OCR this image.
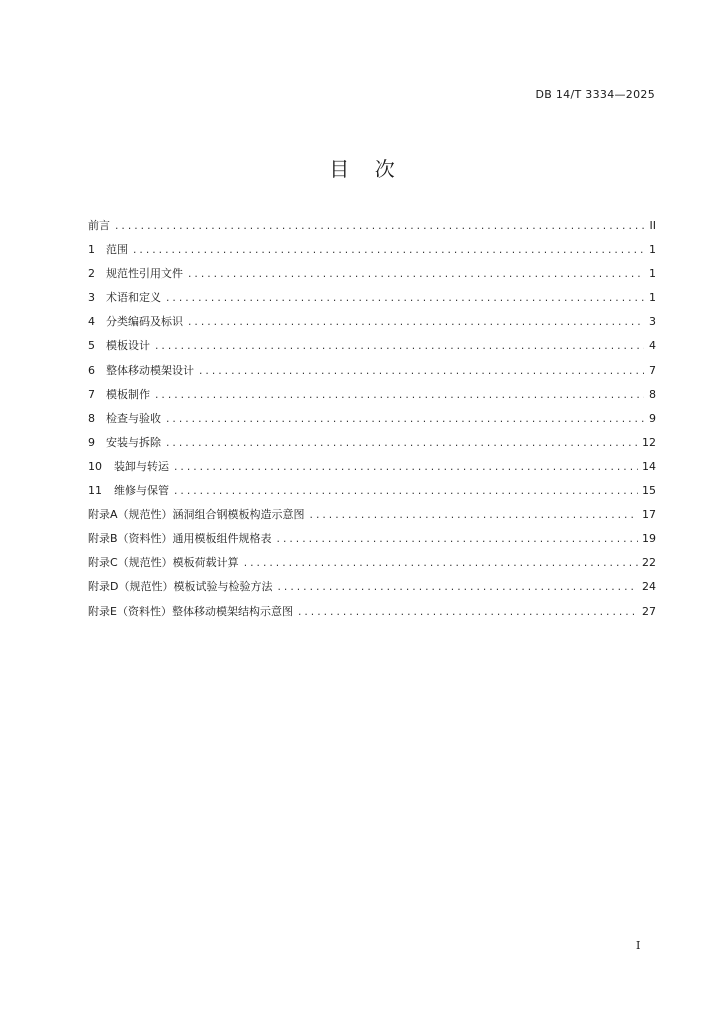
DB 14/T 3334—2025
目    次
前言 .....	II
1	范围 .....	1
2	规范性引用文件 .....	1
3	术语和定义 .....	1
4	分类编码及标识 .....	3
5	模板设计 .....	4
6	整体移动模架设计 .....	7
7	模板制作 .....	8
8	检查与验收 .....	9
9	安装与拆除 .....	12
10	装卸与转运 .....	14
11	维修与保管 .....	15
附录A（规范性）涵洞组合钢模板构造示意图 .....	17
附录B（资料性）通用模板组件规格表 .....	19
附录C（规范性）模板荷载计算 .....	22
附录D（规范性）模板试验与检验方法 .....	24
附录E（资料性）整体移动模架结构示意图 .....	27
I
